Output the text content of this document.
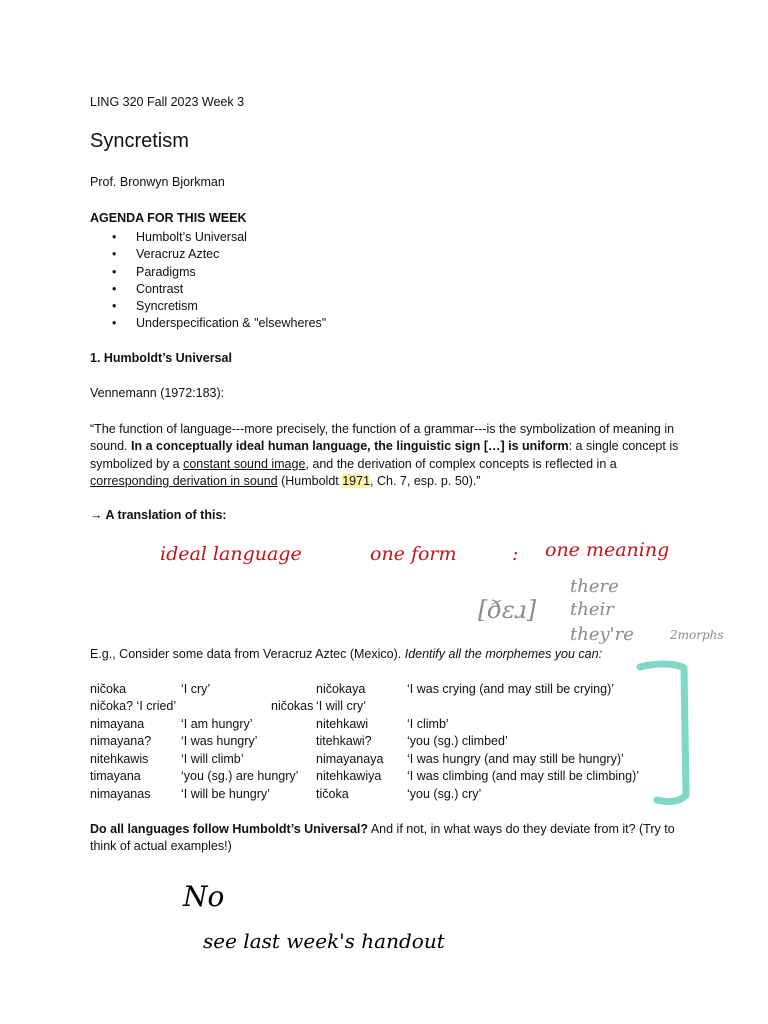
LING 320 Fall 2023 Week 3
Syncretism
Prof. Bronwyn Bjorkman
AGENDA FOR THIS WEEK
• Humbolt’s Universal
• Veracruz Aztec
• Paradigms
• Contrast
• Syncretism
• Underspecification & "elsewheres"
1. Humboldt’s Universal
Vennemann (1972:183):
“The function of language---more precisely, the function of a grammar---is the symbolization of meaning in sound. In a conceptually ideal human language, the linguistic sign […] is uniform: a single concept is symbolized by a constant sound image, and the derivation of complex concepts is reflected in a corresponding derivation in sound (Humboldt 1971, Ch. 7, esp. p. 50).”
→ A translation of this:
E.g., Consider some data from Veracruz Aztec (Mexico). Identify all the morphemes you can:
ničoka	‘I cry’	ničokaya	‘I was crying (and may still be crying)’
ničoka? ‘I cried’	ničokas ‘I will cry’
nimayana	‘I am hungry’	nitehkawi	‘I climb’
nimayana? ‘I was hungry’	titehkawi?	‘you (sg.) climbed’
nitehkawis	‘I will climb’	nimayanaya ‘I was hungry (and may still be hungry)’
timayana	‘you (sg.) are hungry’ nitehkawiya ‘I was climbing (and may still be climbing)’
nimayanas ‘I will be hungry’	tičoka	‘you (sg.) cry’
Do all languages follow Humboldt’s Universal? And if not, in what ways do they deviate from it? (Try to think of actual examples!)
ideal language	one form	: one meaning
[ðɛɹ]
there
their
they're	2morphs
No
see last week's handout
